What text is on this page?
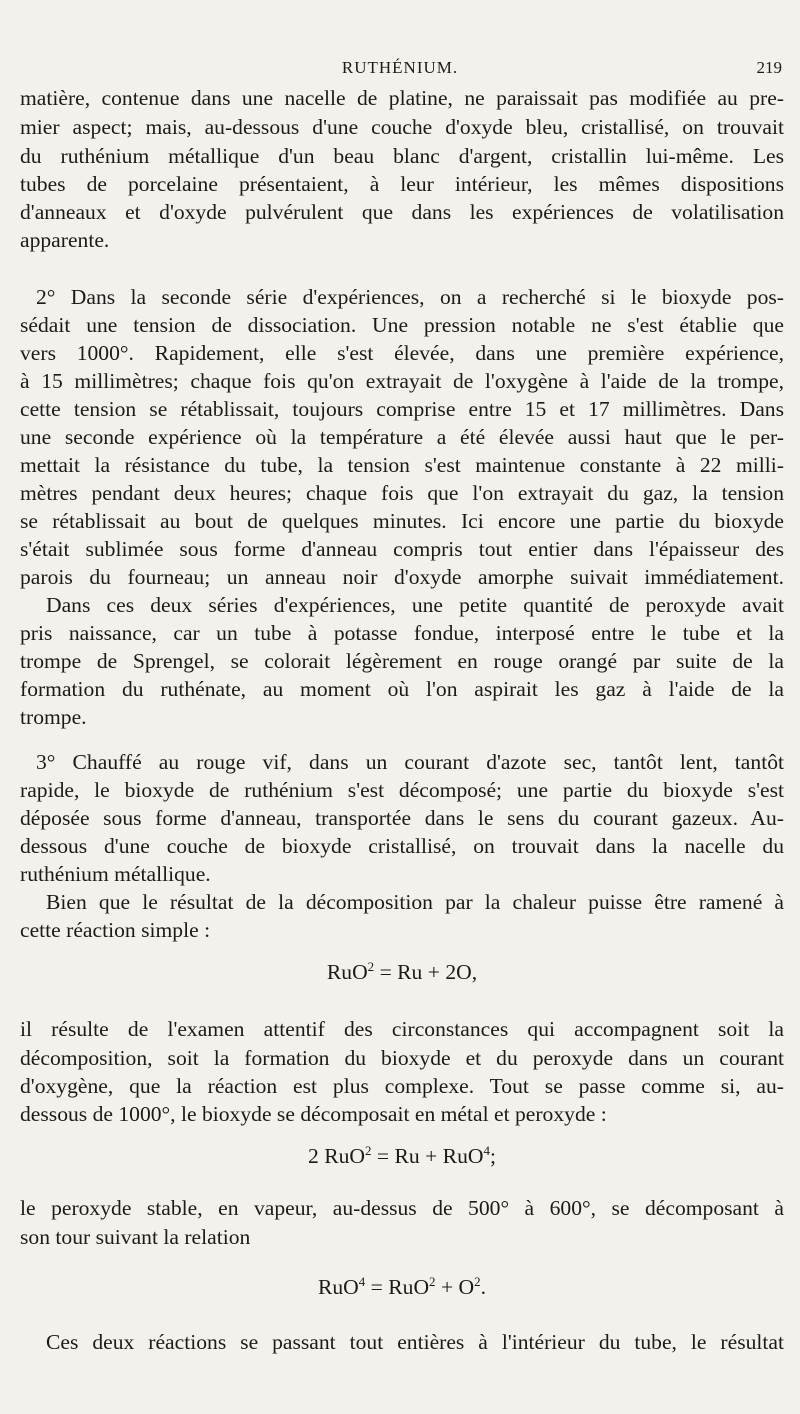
RUTHÉNIUM.	219
matière, contenue dans une nacelle de platine, ne paraissait pas modifiée au pre-
mier aspect; mais, au-dessous d'une couche d'oxyde bleu, cristallisé, on trouvait
du ruthénium métallique d'un beau blanc d'argent, cristallin lui-même. Les
tubes de porcelaine présentaient, à leur intérieur, les mêmes dispositions
d'anneaux et d'oxyde pulvérulent que dans les expériences de volatilisation
apparente.
2° Dans la seconde série d'expériences, on a recherché si le bioxyde pos-
sédait une tension de dissociation. Une pression notable ne s'est établie que
vers 1000°. Rapidement, elle s'est élevée, dans une première expérience,
à 15 millimètres; chaque fois qu'on extrayait de l'oxygène à l'aide de la trompe,
cette tension se rétablissait, toujours comprise entre 15 et 17 millimètres. Dans
une seconde expérience où la température a été élevée aussi haut que le per-
mettait la résistance du tube, la tension s'est maintenue constante à 22 milli-
mètres pendant deux heures; chaque fois que l'on extrayait du gaz, la tension
se rétablissait au bout de quelques minutes. Ici encore une partie du bioxyde
s'était sublimée sous forme d'anneau compris tout entier dans l'épaisseur des
parois du fourneau; un anneau noir d'oxyde amorphe suivait immédiatement.
Dans ces deux séries d'expériences, une petite quantité de peroxyde avait
pris naissance, car un tube à potasse fondue, interposé entre le tube et la
trompe de Sprengel, se colorait légèrement en rouge orangé par suite de la
formation du ruthénate, au moment où l'on aspirait les gaz à l'aide de la
trompe.
3° Chauffé au rouge vif, dans un courant d'azote sec, tantôt lent, tantôt
rapide, le bioxyde de ruthénium s'est décomposé; une partie du bioxyde s'est
déposée sous forme d'anneau, transportée dans le sens du courant gazeux. Au-
dessous d'une couche de bioxyde cristallisé, on trouvait dans la nacelle du
ruthénium métallique.
Bien que le résultat de la décomposition par la chaleur puisse être ramené à
cette réaction simple :
RuO$^2$ = Ru + 2O,
il résulte de l'examen attentif des circonstances qui accompagnent soit la
décomposition, soit la formation du bioxyde et du peroxyde dans un courant
d'oxygène, que la réaction est plus complexe. Tout se passe comme si, au-
dessous de 1000°, le bioxyde se décomposait en métal et peroxyde :
2 RuO$^2$ = Ru + RuO$^4$;
le peroxyde stable, en vapeur, au-dessus de 500° à 600°, se décomposant à
son tour suivant la relation
$RuO^4 = RuO^2 + O^2$.
Ces deux réactions se passant tout entières à l'intérieur du tube, le résultat
